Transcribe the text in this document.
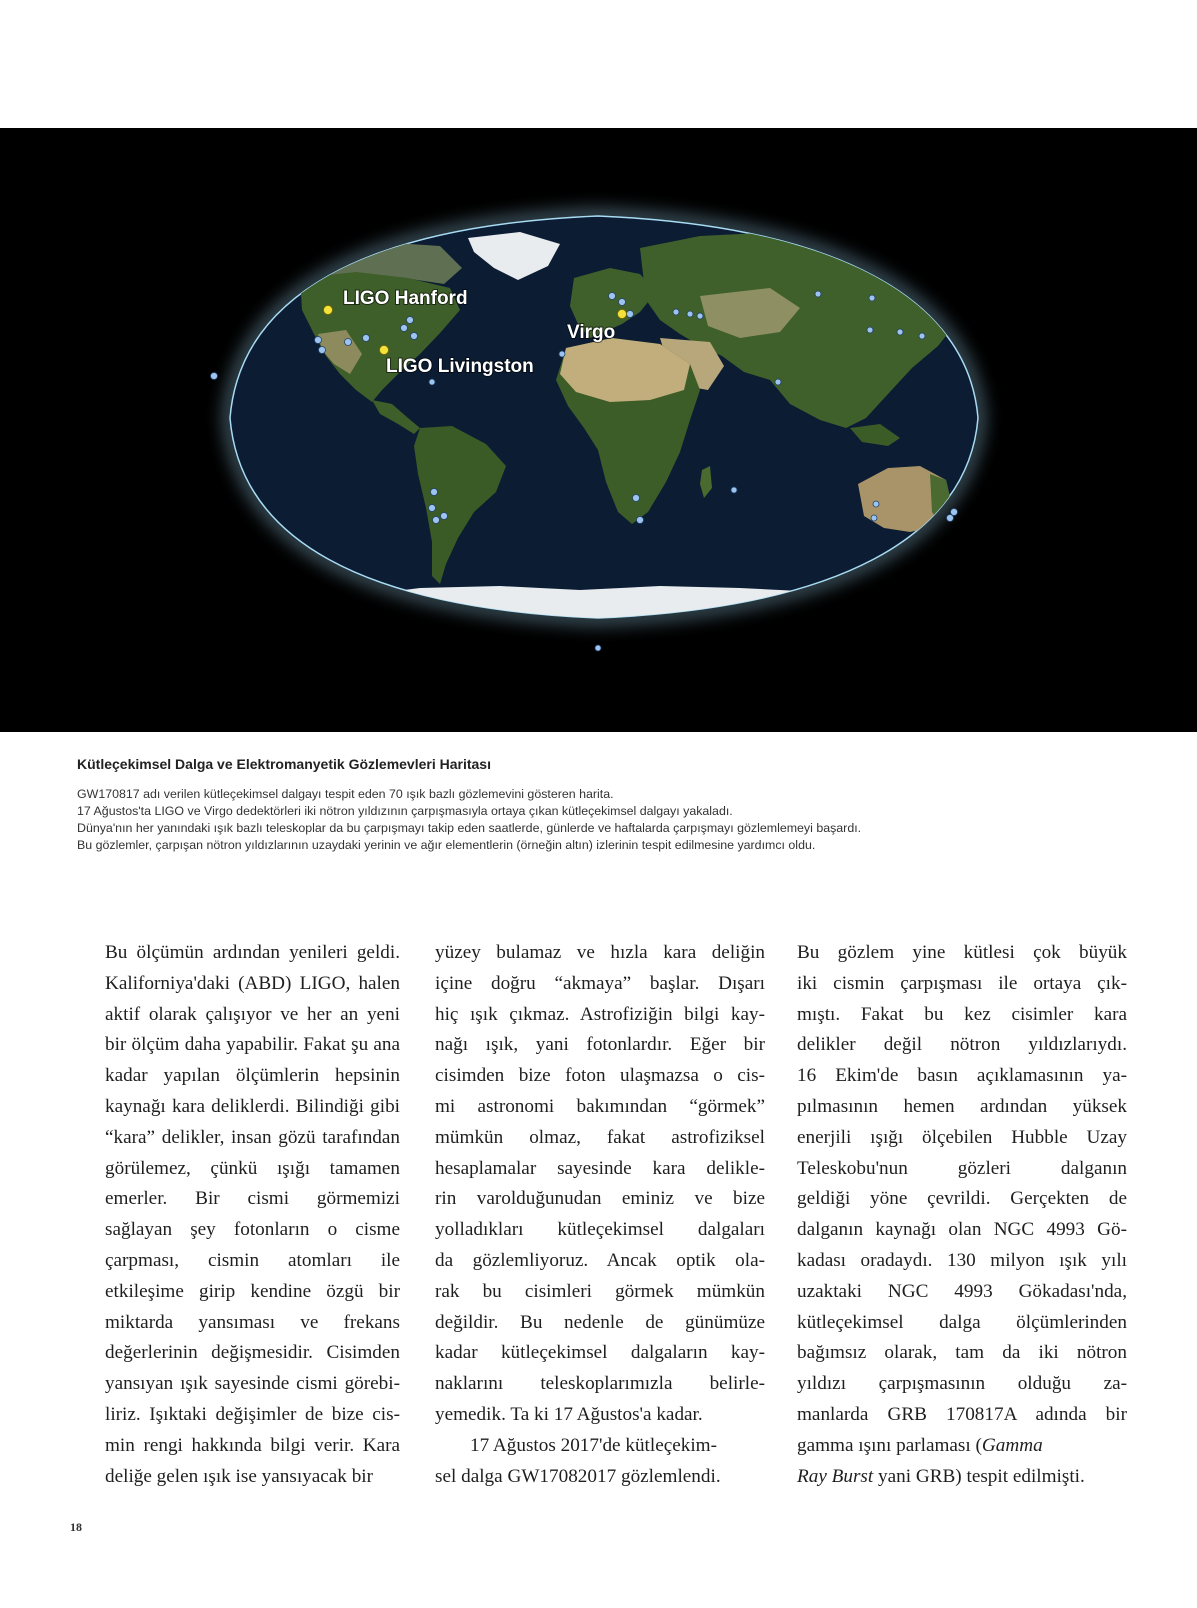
LIGO Hanford
LIGO Livingston
Virgo
Kütleçekimsel Dalga ve Elektromanyetik Gözlemevleri Haritası
GW170817 adı verilen kütleçekimsel dalgayı tespit eden 70 ışık bazlı gözlemevini gösteren harita.
17 Ağustos'ta LIGO ve Virgo dedektörleri iki nötron yıldızının çarpışmasıyla ortaya çıkan kütleçekimsel dalgayı yakaladı.
Dünya'nın her yanındaki ışık bazlı teleskoplar da bu çarpışmayı takip eden saatlerde, günlerde ve haftalarda çarpışmayı gözlemlemeyi başardı.
Bu gözlemler, çarpışan nötron yıldızlarının uzaydaki yerinin ve ağır elementlerin (örneğin altın) izlerinin tespit edilmesine yardımcı oldu.

Bu ölçümün ardından yenileri geldi. Kaliforniya'daki (ABD) LIGO, halen aktif olarak çalışıyor ve her an yeni bir ölçüm daha yapabilir. Fakat şu ana kadar yapılan ölçümlerin hepsinin kaynağı kara deliklerdi. Bilindiği gibi “kara” delikler, insan gözü tarafından görülemez, çünkü ışığı tamamen emerler. Bir cismi görmemizi sağlayan şey fotonların o cisme çarpması, cismin atomları ile etkileşime girip kendine özgü bir miktarda yansıması ve frekans değerlerinin değişmesidir. Cisimden yansıyan ışık sayesinde cismi görebiliriz. Işıktaki değişimler de bize cismin rengi hakkında bilgi verir. Kara deliğe gelen ışık ise yansıyacak bir

yüzey bulamaz ve hızla kara deliğin
içine doğru “akmaya” başlar. Dışarı
hiç ışık çıkmaz. Astrofiziğin bilgi kay-
nağı ışık, yani fotonlardır. Eğer bir
cisimden bize foton ulaşmazsa o cis-
mi astronomi bakımından “görmek”
mümkün olmaz, fakat astrofiziksel
hesaplamalar sayesinde kara delikle-
rin varolduğunudan eminiz ve bize
yolladıkları kütleçekimsel dalgaları
da gözlemliyoruz. Ancak optik ola-
rak bu cisimleri görmek mümkün
değildir. Bu nedenle de günümüze
kadar kütleçekimsel dalgaların kay-
naklarını teleskoplarımızla belirle-
yemedik. Ta ki 17 Ağustos'a kadar.
17 Ağustos 2017'de kütleçekim-
sel dalga GW17082017 gözlemlendi.
Bu gözlem yine kütlesi çok büyük
iki cismin çarpışması ile ortaya çık-
mıştı. Fakat bu kez cisimler kara
delikler değil nötron yıldızlarıydı.
16 Ekim'de basın açıklamasının ya-
pılmasının hemen ardından yüksek
enerjili ışığı ölçebilen Hubble Uzay
Teleskobu'nun gözleri dalganın
geldiği yöne çevrildi. Gerçekten de
dalganın kaynağı olan NGC 4993 Gö-
kadası oradaydı. 130 milyon ışık yılı
uzaktaki NGC 4993 Gökadası'nda,
kütleçekimsel dalga ölçümlerinden
bağımsız olarak, tam da iki nötron
yıldızı çarpışmasının olduğu za-
manlarda GRB 170817A adında bir
gamma ışını parlaması (Gamma
Ray Burst yani GRB) tespit edilmişti.
18
